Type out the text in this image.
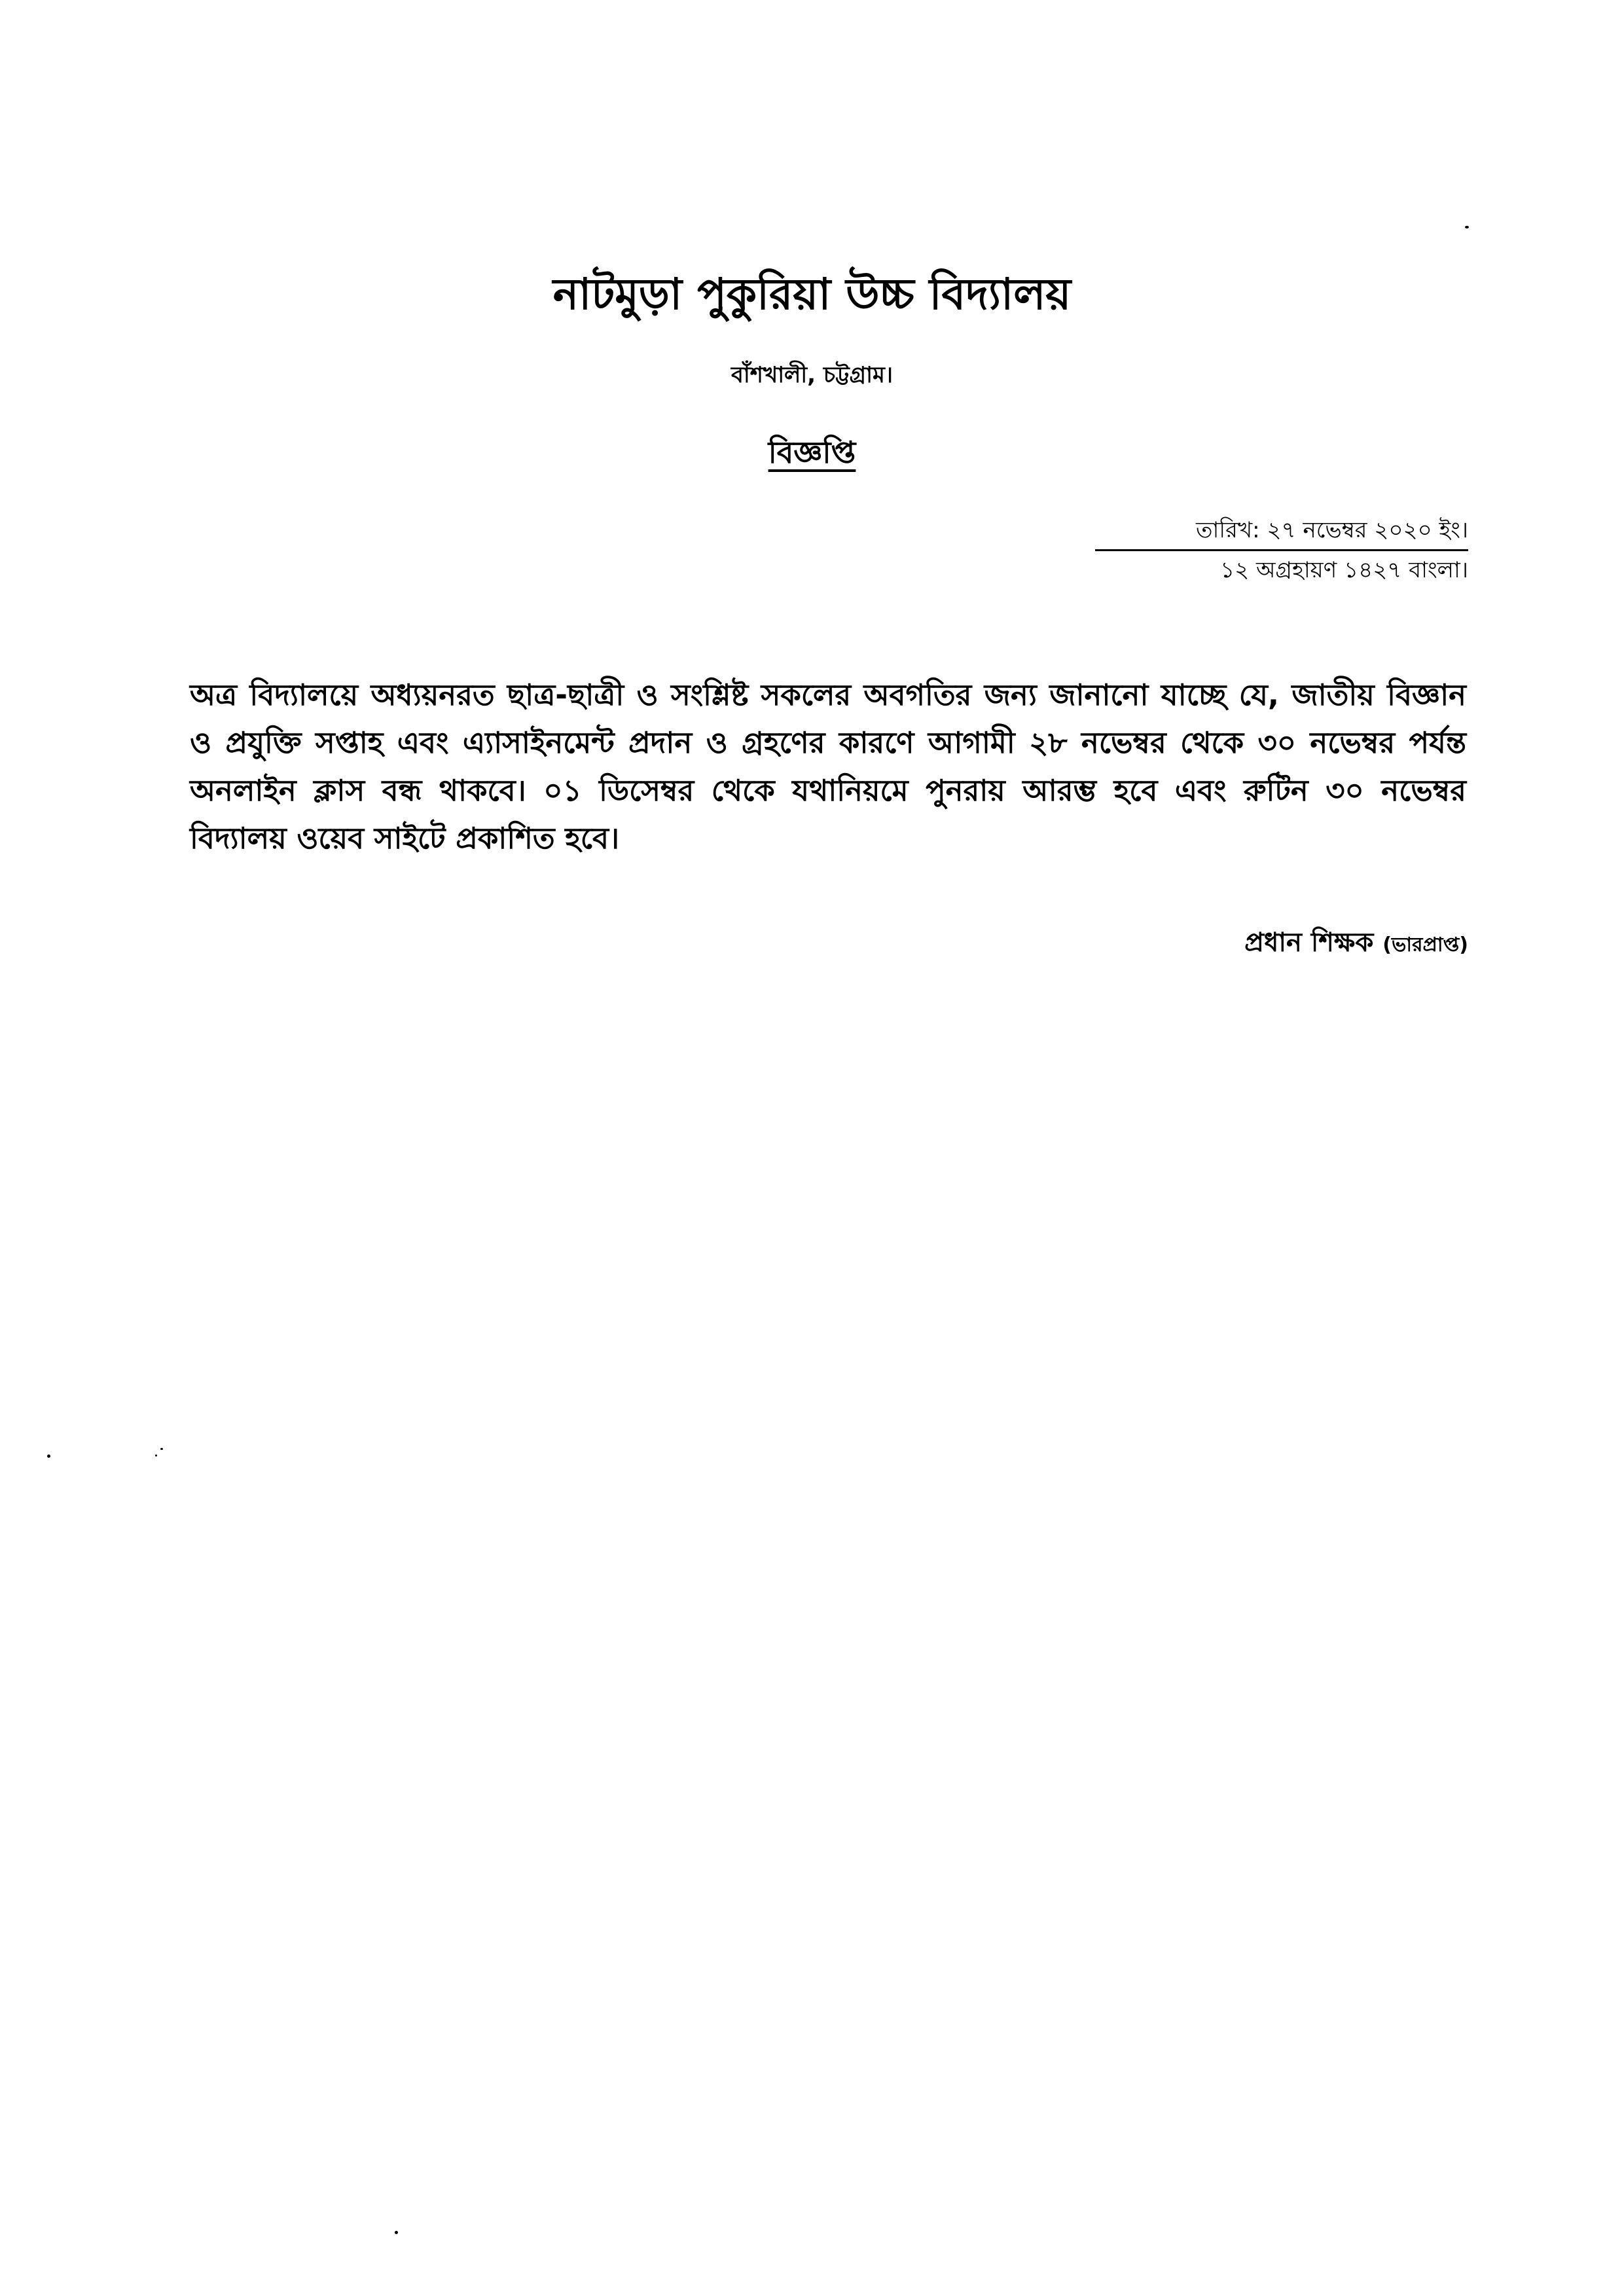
নাটমুড়া পুকুরিয়া উচ্চ বিদ্যালয়
বাঁশখালী, চট্টগ্রাম।
বিজ্ঞপ্তি
তারিখ: ২৭ নভেম্বর ২০২০ ইং।
১২ অগ্রহায়ণ ১৪২৭ বাংলা।
অত্র বিদ্যালয়ে অধ্যয়নরত ছাত্র-ছাত্রী ও সংশ্লিষ্ট সকলের অবগতির জন্য জানানো যাচ্ছে যে, জাতীয় বিজ্ঞান ও প্রযুক্তি সপ্তাহ এবং এ্যাসাইনমেন্ট প্রদান ও গ্রহণের কারণে আগামী ২৮ নভেম্বর থেকে ৩০ নভেম্বর পর্যন্ত অনলাইন ক্লাস বন্ধ থাকবে। ০১ ডিসেম্বর থেকে যথানিয়মে পুনরায় আরম্ভ হবে এবং রুটিন ৩০ নভেম্বর বিদ্যালয় ওয়েব সাইটে প্রকাশিত হবে।
প্রধান শিক্ষক (ভারপ্রাপ্ত)
